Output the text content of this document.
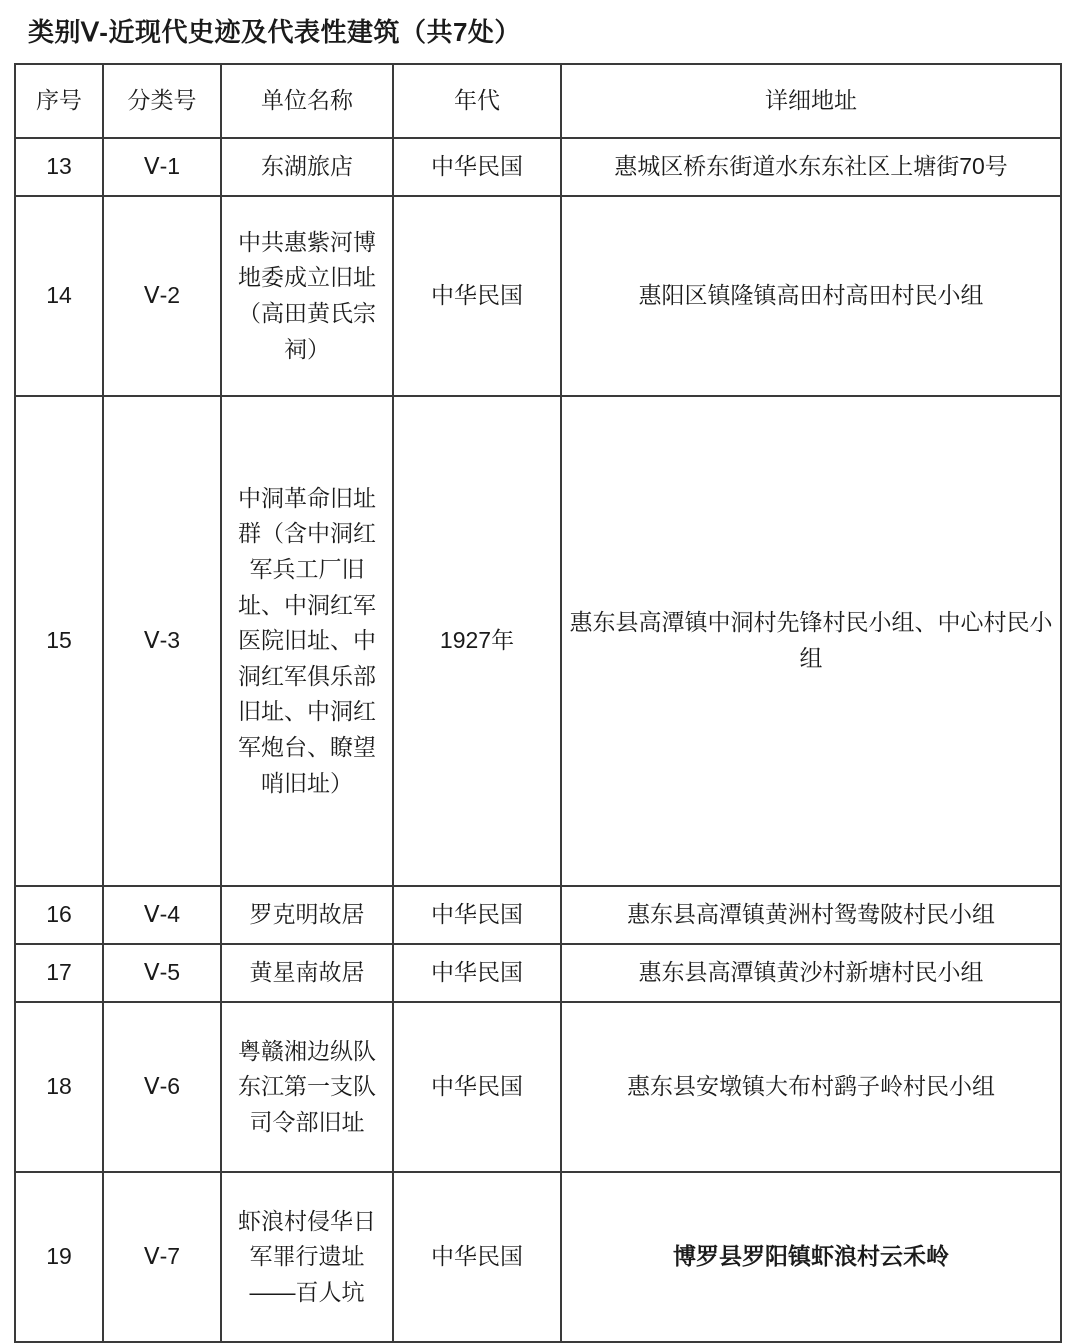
类别Ⅴ-近现代史迹及代表性建筑（共7处）
序号	分类号	单位名称	年代	详细地址
13	Ⅴ-1	东湖旅店	中华民国	惠城区桥东街道水东东社区上塘街70号
14	Ⅴ-2	中共惠紫河博地委成立旧址（高田黄氏宗祠）	中华民国	惠阳区镇隆镇高田村高田村民小组
15	Ⅴ-3	中洞革命旧址群（含中洞红军兵工厂旧址、中洞红军医院旧址、中洞红军俱乐部旧址、中洞红军炮台、瞭望哨旧址）	1927年	惠东县高潭镇中洞村先锋村民小组、中心村民小组
16	Ⅴ-4	罗克明故居	中华民国	惠东县高潭镇黄洲村鸳鸯陂村民小组
17	Ⅴ-5	黄星南故居	中华民国	惠东县高潭镇黄沙村新塘村民小组
18	Ⅴ-6	粤赣湘边纵队东江第一支队司令部旧址	中华民国	惠东县安墩镇大布村鹞子岭村民小组
19	Ⅴ-7	虾浪村侵华日军罪行遗址——百人坑	中华民国	博罗县罗阳镇虾浪村云禾岭
